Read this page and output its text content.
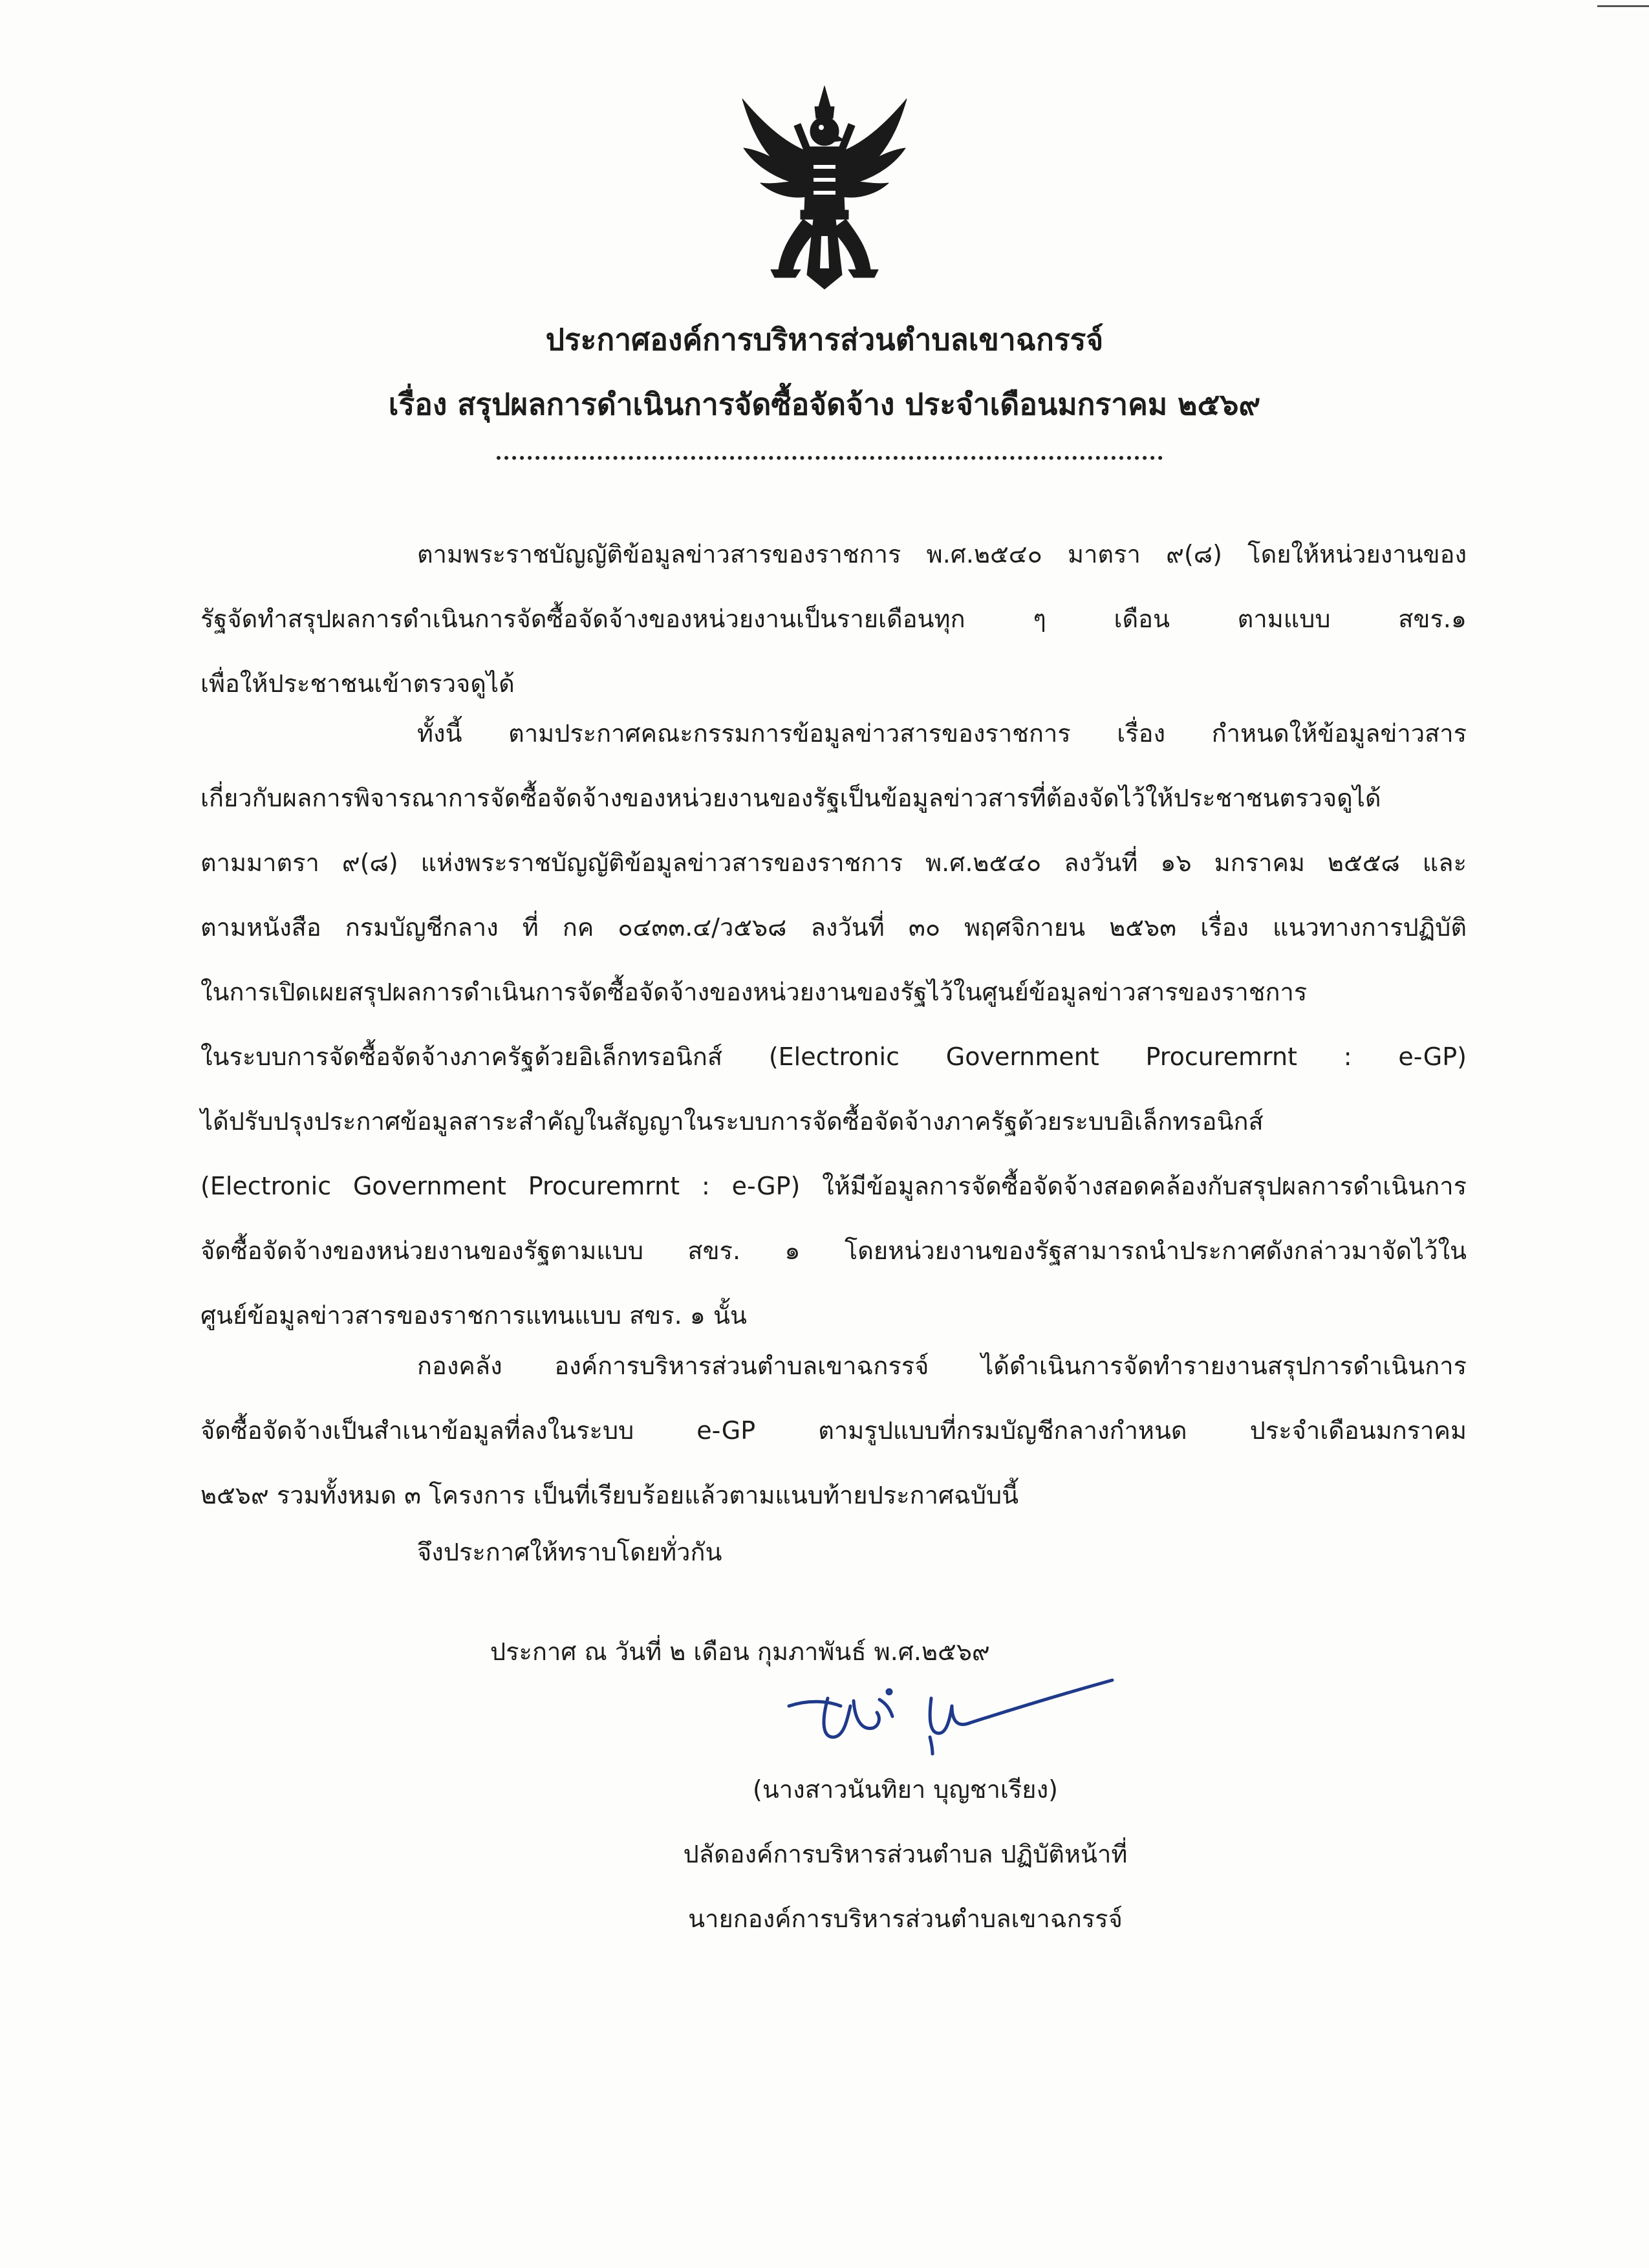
ประกาศองค์การบริหารส่วนตำบลเขาฉกรรจ์
เรื่อง สรุปผลการดำเนินการจัดซื้อจัดจ้าง ประจำเดือนมกราคม ๒๕๖๙
ตามพระราชบัญญัติข้อมูลข่าวสารของราชการ พ.ศ.๒๕๔๐ มาตรา ๙(๘) โดยให้หน่วยงานของ
รัฐจัดทำสรุปผลการดำเนินการจัดซื้อจัดจ้างของหน่วยงานเป็นรายเดือนทุก ๆ เดือน ตามแบบ สขร.๑
เพื่อให้ประชาชนเข้าตรวจดูได้
ทั้งนี้ ตามประกาศคณะกรรมการข้อมูลข่าวสารของราชการ เรื่อง กำหนดให้ข้อมูลข่าวสาร
เกี่ยวกับผลการพิจารณาการจัดซื้อจัดจ้างของหน่วยงานของรัฐเป็นข้อมูลข่าวสารที่ต้องจัดไว้ให้ประชาชนตรวจดูได้
ตามมาตรา ๙(๘) แห่งพระราชบัญญัติข้อมูลข่าวสารของราชการ พ.ศ.๒๕๔๐ ลงวันที่ ๑๖ มกราคม ๒๕๕๘ และ
ตามหนังสือ กรมบัญชีกลาง ที่ กค ๐๔๓๓.๔/ว๕๖๘ ลงวันที่ ๓๐ พฤศจิกายน ๒๕๖๓ เรื่อง แนวทางการปฏิบัติ
ในการเปิดเผยสรุปผลการดำเนินการจัดซื้อจัดจ้างของหน่วยงานของรัฐไว้ในศูนย์ข้อมูลข่าวสารของราชการ
ในระบบการจัดซื้อจัดจ้างภาครัฐด้วยอิเล็กทรอนิกส์ (Electronic Government Procuremrnt : e-GP)
ได้ปรับปรุงประกาศข้อมูลสาระสำคัญในสัญญาในระบบการจัดซื้อจัดจ้างภาครัฐด้วยระบบอิเล็กทรอนิกส์
(Electronic Government Procuremrnt : e-GP) ให้มีข้อมูลการจัดซื้อจัดจ้างสอดคล้องกับสรุปผลการดำเนินการ
จัดซื้อจัดจ้างของหน่วยงานของรัฐตามแบบ สขร. ๑ โดยหน่วยงานของรัฐสามารถนำประกาศดังกล่าวมาจัดไว้ใน
ศูนย์ข้อมูลข่าวสารของราชการแทนแบบ สขร. ๑ นั้น
กองคลัง องค์การบริหารส่วนตำบลเขาฉกรรจ์ ได้ดำเนินการจัดทำรายงานสรุปการดำเนินการ
จัดซื้อจัดจ้างเป็นสำเนาข้อมูลที่ลงในระบบ e-GP ตามรูปแบบที่กรมบัญชีกลางกำหนด ประจำเดือนมกราคม
๒๕๖๙ รวมทั้งหมด ๓ โครงการ เป็นที่เรียบร้อยแล้วตามแนบท้ายประกาศฉบับนี้
จึงประกาศให้ทราบโดยทั่วกัน
ประกาศ ณ วันที่ ๒ เดือน กุมภาพันธ์ พ.ศ.๒๕๖๙
(นางสาวนันทิยา บุญชาเรียง)
ปลัดองค์การบริหารส่วนตำบล ปฏิบัติหน้าที่
นายกองค์การบริหารส่วนตำบลเขาฉกรรจ์
